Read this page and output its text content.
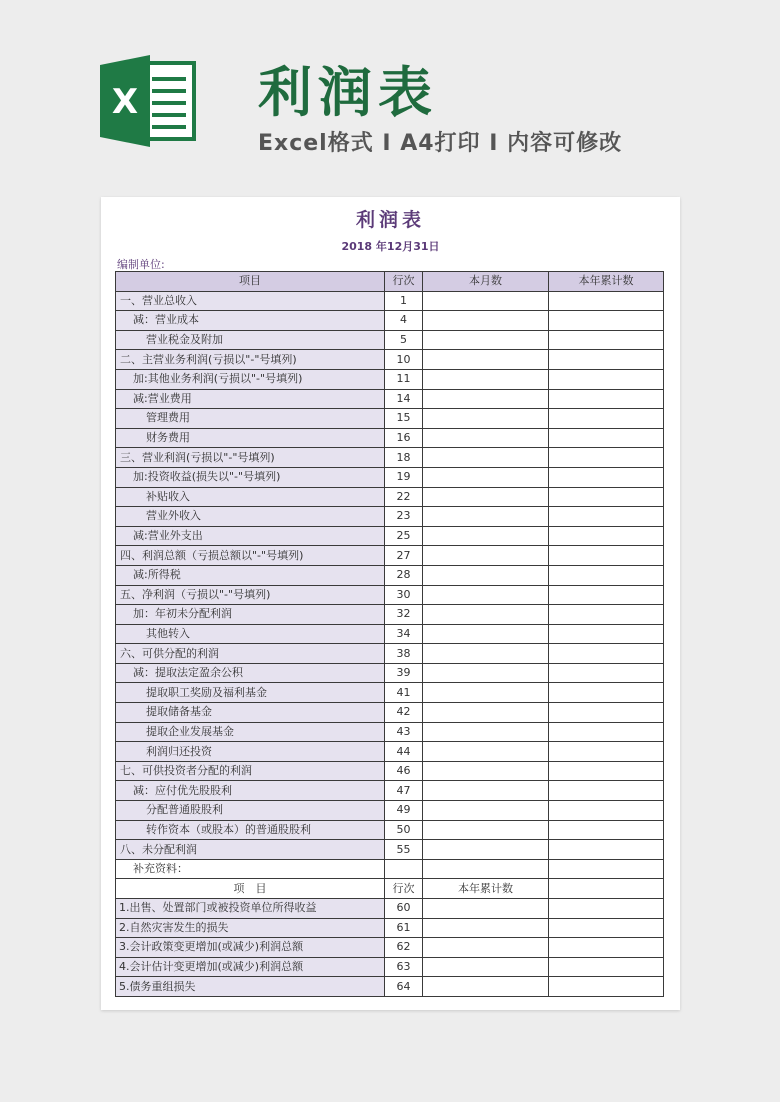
X 利润表
Excel格式 I A4打印 I 内容可修改
利润表
2018 年12月31日
编制单位:
项目	行次	本月数	本年累计数
一、营业总收入	1		
减：营业成本	4		
营业税金及附加	5		
二、主营业务利润(亏损以"-"号填列)	10		
加:其他业务利润(亏损以"-"号填列)	11		
减:营业费用	14		
管理费用	15		
财务费用	16		
三、营业利润(亏损以"-"号填列)	18		
加:投资收益(损失以"-"号填列)	19		
补贴收入	22		
营业外收入	23		
减:营业外支出	25		
四、利润总额（亏损总额以"-"号填列)	27		
减:所得税	28		
五、净利润（亏损以"-"号填列)	30		
加：年初未分配利润	32		
其他转入	34		
六、可供分配的利润	38		
减：提取法定盈余公积	39		
提取职工奖励及福利基金	41		
提取储备基金	42		
提取企业发展基金	43		
利润归还投资	44		
七、可供投资者分配的利润	46		
减：应付优先股股利	47		
分配普通股股利	49		
转作资本（或股本）的普通股股利	50		
八、未分配利润	55		
补充资料：			
项　目	行次	本年累计数	
1.出售、处置部门或被投资单位所得收益	60		
2.自然灾害发生的损失	61		
3.会计政策变更增加(或减少)利润总额	62		
4.会计估计变更增加(或减少)利润总额	63		
5.债务重组损失	64		
